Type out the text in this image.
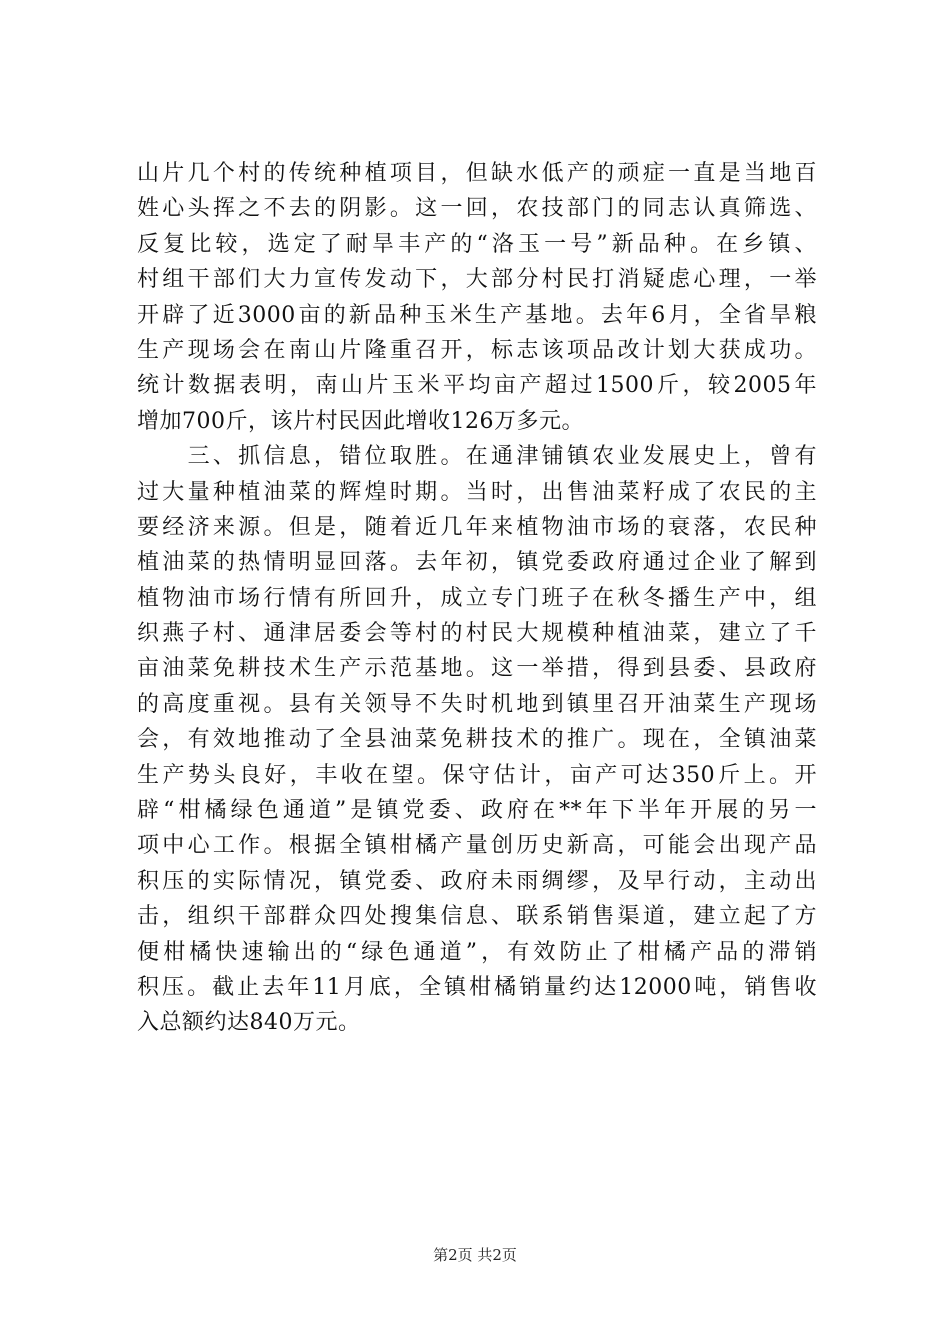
山片几个村的传统种植项目，但缺水低产的顽症一直是当地百
姓心头挥之不去的阴影。这一回，农技部门的同志认真筛选、
反复比较，选定了耐旱丰产的“洛玉一号”新品种。在乡镇、
村组干部们大力宣传发动下，大部分村民打消疑虑心理，一举
开辟了近3000亩的新品种玉米生产基地。去年6月，全省旱粮
生产现场会在南山片隆重召开，标志该项品改计划大获成功。
统计数据表明，南山片玉米平均亩产超过1500斤，较2005年
增加700斤，该片村民因此增收126万多元。
　　三、抓信息，错位取胜。在通津铺镇农业发展史上，曾有
过大量种植油菜的辉煌时期。当时，出售油菜籽成了农民的主
要经济来源。但是，随着近几年来植物油市场的衰落，农民种
植油菜的热情明显回落。去年初，镇党委政府通过企业了解到
植物油市场行情有所回升，成立专门班子在秋冬播生产中，组
织燕子村、通津居委会等村的村民大规模种植油菜，建立了千
亩油菜免耕技术生产示范基地。这一举措，得到县委、县政府
的高度重视。县有关领导不失时机地到镇里召开油菜生产现场
会，有效地推动了全县油菜免耕技术的推广。现在，全镇油菜
生产势头良好，丰收在望。保守估计，亩产可达350斤上。开
辟“柑橘绿色通道”是镇党委、政府在**年下半年开展的另一
项中心工作。根据全镇柑橘产量创历史新高，可能会出现产品
积压的实际情况，镇党委、政府未雨绸缪，及早行动，主动出
击，组织干部群众四处搜集信息、联系销售渠道，建立起了方
便柑橘快速输出的“绿色通道”，有效防止了柑橘产品的滞销
积压。截止去年11月底，全镇柑橘销量约达12000吨，销售收
入总额约达840万元。
第2页 共2页
